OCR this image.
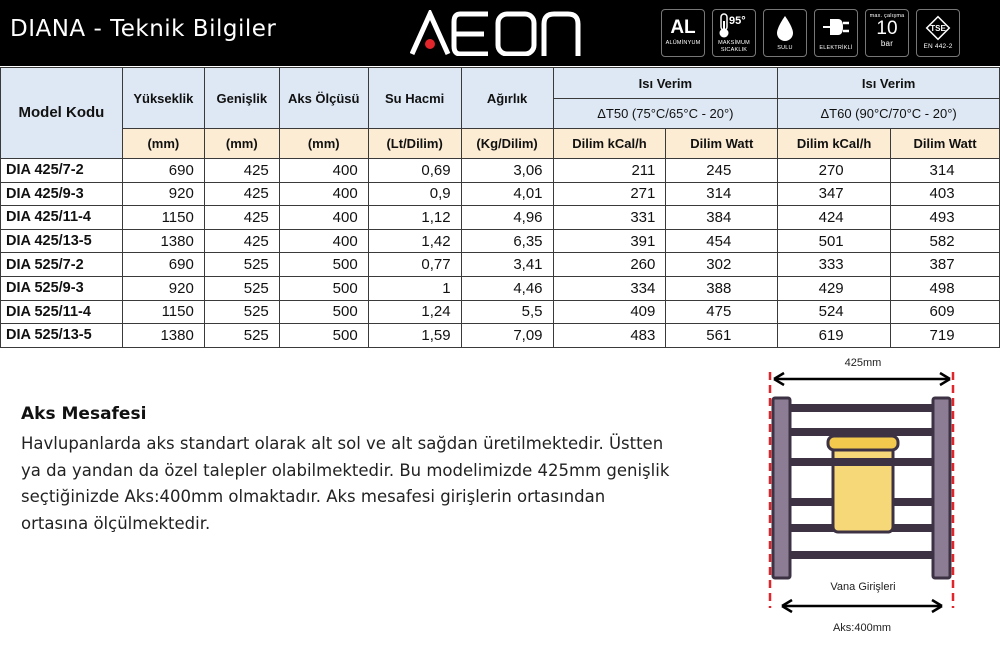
DIANA - Teknik Bilgiler	AL
ALÜMİNYUM
95°
MAKSİMUM
SICAKLIK	SULU	ELEKTRİKLİ
max. çalışma
10
bar
TSE
EN 442-2
Model Kodu	Yükseklik	Genişlik	Aks Ölçüsü	Su Hacmi	Ağırlık	Isı Verim		Isı Verim	
						ΔT50 (75°C/65°C - 20°)		ΔT60 (90°C/70°C - 20°)	
	(mm)	(mm)	(mm)	(Lt/Dilim)	(Kg/Dilim)	Dilim kCal/h	Dilim Watt	Dilim kCal/h	Dilim Watt
DIA 425/7-2	690	425	400	0,69	3,06	211	245	270	314
DIA 425/9-3	920	425	400	0,9	4,01	271	314	347	403
DIA 425/11-4	1150	425	400	1,12	4,96	331	384	424	493
DIA 425/13-5	1380	425	400	1,42	6,35	391	454	501	582
DIA 525/7-2	690	525	500	0,77	3,41	260	302	333	387
DIA 525/9-3	920	525	500	1	4,46	334	388	429	498
DIA 525/11-4	1150	525	500	1,24	5,5	409	475	524	609
DIA 525/13-5	1380	525	500	1,59	7,09	483	561	619	719
Aks Mesafesi
Havlupanlarda aks standart olarak alt sol ve alt sağdan üretilmektedir. Üstten ya da yandan da özel talepler olabilmektedir. Bu modelimizde 425mm genişlik seçtiğinizde Aks:400mm olmaktadır. Aks mesafesi girişlerin ortasından ortasına ölçülmektedir.
425mm
Vana Girişleri
Aks:400mm
